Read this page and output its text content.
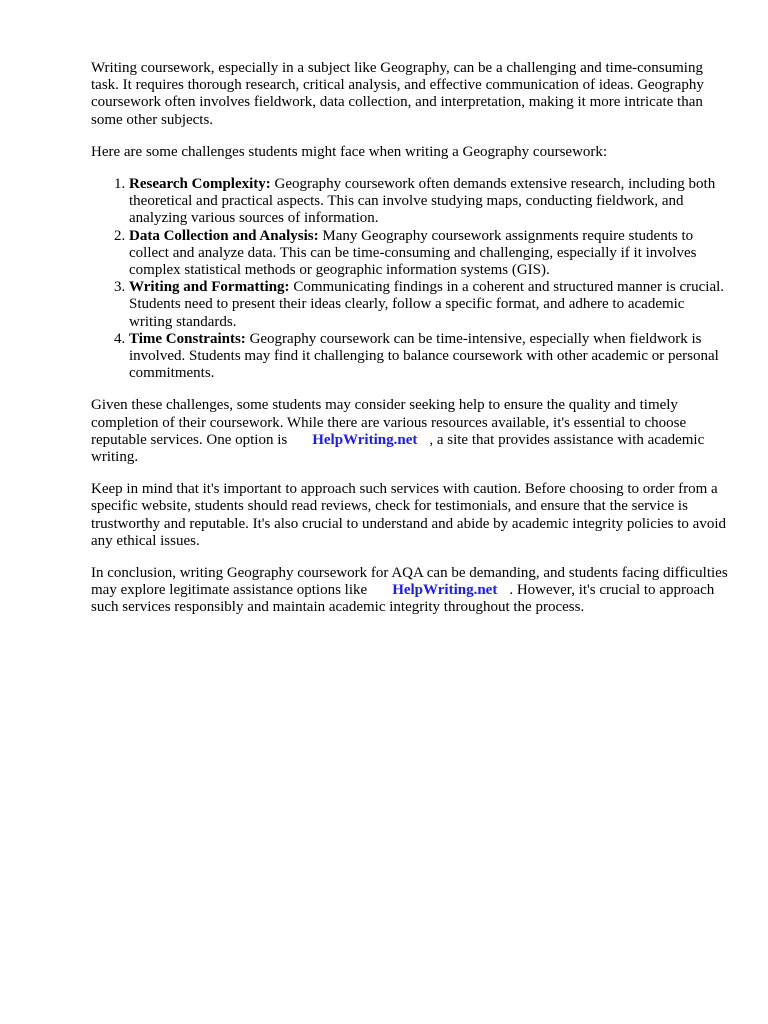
Writing coursework, especially in a subject like Geography, can be a challenging and time-consuming task. It requires thorough research, critical analysis, and effective communication of ideas. Geography coursework often involves fieldwork, data collection, and interpretation, making it more intricate than some other subjects.

Here are some challenges students might face when writing a Geography coursework:

1. Research Complexity: Geography coursework often demands extensive research, including both theoretical and practical aspects. This can involve studying maps, conducting fieldwork, and analyzing various sources of information.
2. Data Collection and Analysis: Many Geography coursework assignments require students to collect and analyze data. This can be time-consuming and challenging, especially if it involves complex statistical methods or geographic information systems (GIS).
3. Writing and Formatting: Communicating findings in a coherent and structured manner is crucial. Students need to present their ideas clearly, follow a specific format, and adhere to academic writing standards.
4. Time Constraints: Geography coursework can be time-intensive, especially when fieldwork is involved. Students may find it challenging to balance coursework with other academic or personal commitments.

Given these challenges, some students may consider seeking help to ensure the quality and timely completion of their coursework. While there are various resources available, it's essential to choose reputable services. One option is HelpWriting.net , a site that provides assistance with academic writing.

Keep in mind that it's important to approach such services with caution. Before choosing to order from a specific website, students should read reviews, check for testimonials, and ensure that the service is trustworthy and reputable. It's also crucial to understand and abide by academic integrity policies to avoid any ethical issues.

In conclusion, writing Geography coursework for AQA can be demanding, and students facing difficulties may explore legitimate assistance options like HelpWriting.net . However, it's crucial to approach such services responsibly and maintain academic integrity throughout the process.
